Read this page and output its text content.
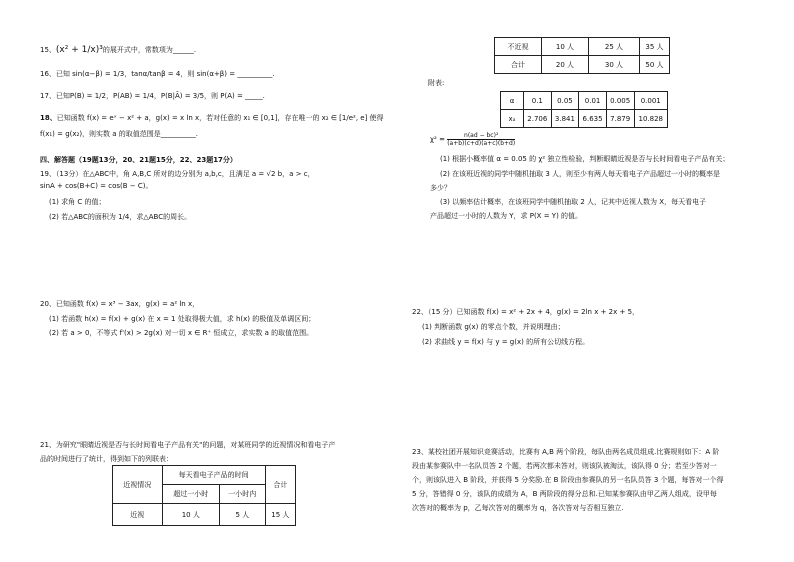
15、(x² + 1/x)³的展开式中，常数项为______.
16、已知 sin(α−β) = 1/3，tanα/tanβ = 4，则 sin(α+β) = __________.
17、已知P(B) = 1/2，P(AB) = 1/4，P(B|Ā) = 3/5，则 P(A) = _____.
18、已知函数 f(x) = eˣ − x² + a，g(x) = x ln x，若对任意的 x₁ ∈ [0,1]，存在唯一的 x₂ ∈ [1/e², e] 使得
f(x₁) = g(x₂)，则实数 a 的取值范围是__________.
四、解答题（19题13分，20、21题15分，22、23题17分）
19、（13分）在△ABC中，角 A,B,C 所对的边分别为 a,b,c，且满足 a = √2 b，a > c，
sinA + cos(B+C) = cos(B − C)。
(1) 求角 C 的值；
(2) 若△ABC的面积为 1/4，求△ABC的周长。
20、已知函数 f(x) = x³ − 3ax，g(x) = a² ln x，
(1) 若函数 h(x) = f(x) + g(x) 在 x = 1 处取得极大值，求 h(x) 的极值及单调区间；
(2) 若 a > 0，不等式 f'(x) > 2g(x) 对一切 x ∈ R⁺ 恒成立，求实数 a 的取值范围。
21、为研究"眼睛近视是否与长时间看电子产品有关"的问题，对某班同学的近视情况和看电子产
品的时间进行了统计，得到如下的列联表：
近视情况	每天看电子产品的时间		合计
	超过一小时	一小时内	
近视	10 人	5 人	15 人
不近视	10 人	25 人	35 人
合计	20 人	30 人	50 人
附表:
α	0.1	0.05	0.01	0.005	0.001
xₐ	2.706	3.841	6.635	7.879	10.828
$\chi^2 = \frac{\text{n(ad − bc)²}}{(a+b)(c+d)(a+c)(b+d)}$
(1) 根据小概率值 α = 0.05 的 χ² 独立性检验，判断眼睛近视是否与长时间看电子产品有关；
(2) 在该班近视的同学中随机抽取 3 人，则至少有两人每天看电子产品超过一小时的概率是
多少？
(3) 以频率估计概率，在该班同学中随机抽取 2 人，记其中近视人数为 X，每天看电子
产品超过一小时的人数为 Y，求 P(X = Y) 的值。
22、（15 分）已知函数 f(x) = x² + 2x + 4，g(x) = 2ln x + 2x + 5，
(1) 判断函数 g(x) 的零点个数，并说明理由；
(2) 求曲线 y = f(x) 与 y = g(x) 的所有公切线方程。
23、某校社团开展知识竞赛活动，比赛有 A,B 两个阶段，每队由两名成员组成.比赛规则如下：A 阶
段由某参赛队中一名队员答 2 个题，若两次都未答对，则该队被淘汰，该队得 0 分；若至少答对一
个，则该队进入 B 阶段，并获得 5 分奖励.在 B 阶段由参赛队的另一名队员答 3 个题，每答对一个得
5 分，答错得 0 分，该队的成绩为 A，B 两阶段的得分总和.已知某参赛队由甲乙两人组成，设甲每
次答对的概率为 p，乙每次答对的概率为 q，各次答对与否相互独立.
